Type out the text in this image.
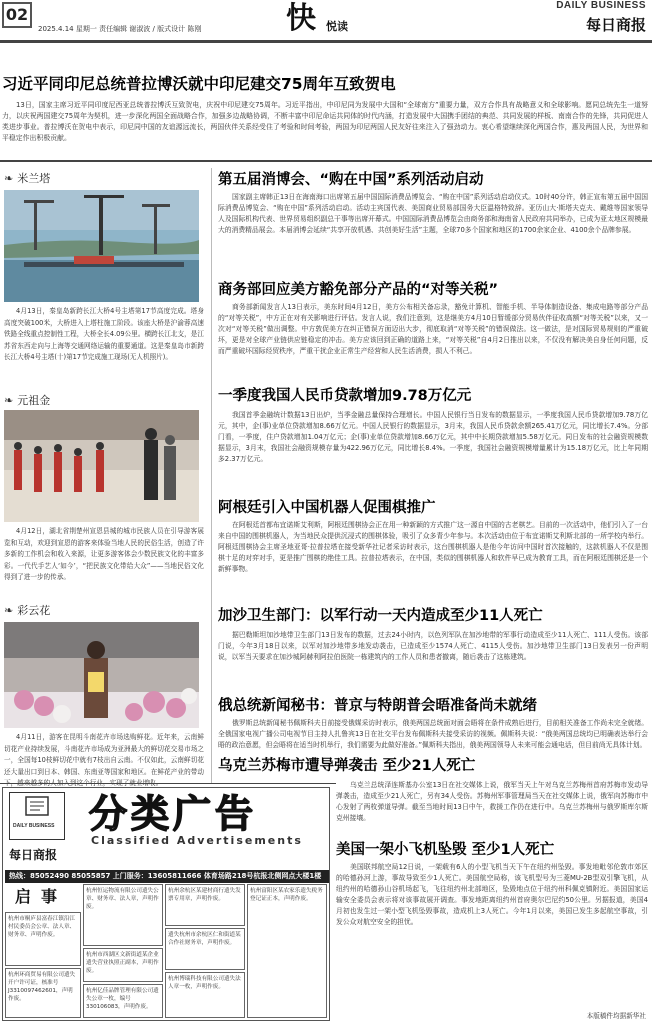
02
2025.4.14 星期一 责任编辑 谢淑波 / 版式设计 陈刚	快 悦读
DAILY BUSINESS
每日商报
习近平同印尼总统普拉博沃就中印尼建交75周年互致贺电
13日，国家主席习近平同印度尼西亚总统普拉博沃互致贺电，庆祝中印尼建交75周年。习近平指出，中印尼同为发展中大国和“全球南方”重要力量，双方合作具有战略意义和全球影响。愿同总统先生一道努力，以庆祝两国建交75周年为契机，进一步深化两国全面战略合作，加强多边战略协调，不断丰富中印尼命运共同体的时代内涵，打造发展中大国携手团结的典范、共同发展的样板、南南合作的先锋，共同促进人类进步事业。普拉博沃在贺电中表示，印尼同中国的友谊源远流长，两国伙伴关系经受住了考验和时间考验，两国为印尼两国人民友好往来注入了强劲动力。衷心希望继续深化两国合作，惠及两国人民，为世界和平稳定作出积极贡献。
❧ 米兰塔
4月13日，秦皇岛新跨长江大桥4号主塔第17节高度完成。塔身高度突破100米，大桥进入上塔柱施工阶段。该座大桥是沪渝蓉高速铁路全线重点控制性工程，大桥全长4.09公里。横跨长江北支，是江苏省东西走向与上海等交通网络运输的重要通道。这是秦皇岛市新跨长江大桥4号主塔(十)第17节完成施工现场(无人机照片)。
❧ 元祖金
4月12日，湖北省荆楚州宣恩县城的城市民族人员在引导游客展览和互动，欢迎到宣恩的游客来体验当地人民的民俗生活，创造了许多新的工作机会和收入来源，让更多游客体会少数民族文化的丰富多彩。一代代手艺人‘如今’，“把民族文化带给大众”——当地民俗文化得到了进一步的传承。
❧ 彩云花
4月11日，游客在昆明斗南花卉市场选购鲜花。近年来，云南鲜切花产业持续发展，斗南花卉市场成为亚洲最大的鲜切花交易市场之一，全国每10枝鲜切花中就有7枝出自云南。不仅如此，云南鲜切花还大量出口到日本、韩国、东南亚等国家和地区。在鲜花产业的带动
第五届消博会、“购在中国”系列活动启动
国家副主席韩正13日在海南海口出席第五届中国国际消费品博览会、“购在中国”系列活动启动仪式。10时40分许，韩正宣布第五届中国国际消费品博览会、“购在中国”系列活动启动。活动主宾国代表、美国商业贸易部国务大臣温格特致辞。亚历山大·斯塔夫克夫、戴维等国家领导人及国际机构代表、世界贸易组织副总干事等出席开幕式。中国国际消费品博览会由商务部和海南省人民政府共同举办，已成为亚太地区规模最大的消费精品展会。本届消博会延续“共享开放机遇、共创美好生活”主题，全球70多个国家和地区的1700余家企业、4100余个品牌参展。
商务部回应美方豁免部分产品的“对等关税”
商务部新闻发言人13日表示，美东时间4月12日，美方公布相关备忘录，豁免计算机、智能手机、半导体制造设备、集成电路等部分产品的“对等关税”，中方正在对有关影响进行评估。发言人说，我们注意到，这是继美方4月10日暂缓部分贸易伙伴征收高额“对等关税”以来，又一次对“对等关税”做出调整。中方敦促美方在纠正错误方面迈出大步，彻底取消“对等关税”的错误做法。这一做法，是对国际贸易规则的严重破坏，更是对全球产业链供应链稳定的冲击。美方应该回到正确的道路上来，“对等关税”自4月2日推出以来，不仅没有解决美自身任何问题，反而严重破坏国际经贸秩序，严重干扰企业正常生产经营和人民生活消费，损人不利己。
一季度我国人民币贷款增加9.78万亿元
我国首季金融统计数据13日出炉，当季金融总量保持合理增长。中国人民银行当日发布的数据显示，一季度我国人民币贷款增加9.78万亿元，其中，企(事)业单位贷款增加8.66万亿元。中国人民银行的数据显示，3月末，我国人民币贷款余额265.41万亿元，同比增长7.4%。分部门看，一季度，住户贷款增加1.04万亿元；企(事)业单位贷款增加8.66万亿元，其中中长期贷款增加5.58万亿元。同日发布的社会融资规模数据显示，3月末，我国社会融资规模存量为422.96万亿元，同比增长8.4%。一季度，我国社会融资规模增量累计为15.18万亿元，比上年同期多2.37万亿元。
阿根廷引入中国机器人促围棋推广
在阿根廷首都布宜诺斯艾利斯，阿根廷围棋协会正在用一种新颖的方式推广这一源自中国的古老棋艺。目前的一次活动中，他们引入了一台来自中国的围棋机器人，为当地民众提供沉浸式的围棋体验，吸引了众多青少年参与。本次活动由位于布宜诺斯艾利斯北部的一所学校内举行。阿根廷围棋协会主席圣地亚哥·拉普拉塔在接受新华社记者采访时表示，这台围棋机器人是他今年访问中国时首次接触的，这款机器人不仅是围棋十足的对弈对手，更是推广围棋的绝佳工具。拉普拉塔表示，在中国，类似的围棋机器人和软件早已成为教育工具，而在阿根廷围棋还是一个新鲜事物。
加沙卫生部门：以军行动一天内造成至少11人死亡
据巴勒斯坦加沙地带卫生部门13日发布的数据，过去24小时内，以色列军队在加沙地带的军事行动造成至少11人死亡、111人受伤。该部门说，今年3月18日以来，以军对加沙地带多地发动袭击，已造成至少1574人死亡、4115人受伤。加沙地带卫生部门13日发表另一份声明说，以军当天要求在加沙城阿赫利阿拉伯医院一栋建筑内的工作人员和患者撤离，随后袭击了这栋建筑。
俄总统新闻秘书：普京与特朗普会晤准备尚未就绪
俄罗斯总统新闻秘书佩斯科夫日前接受俄媒采访时表示，俄美两国总统面对面会晤将在条件成熟后进行，目前相关准备工作尚未完全就绪。全俄国家电视广播公司电视节目主持人扎鲁宾13日在社交平台发布佩斯科夫接受采访的视频。佩斯科夫说：“俄美两国总统均已明确表达举行会晤的政治意愿，但会晤将在适当时机举行，我们需要为此做好准备。”佩斯科夫指出，俄美两国领导人未来可能会通电话，但目前尚无具体计划。
乌克兰苏梅市遭导弹袭击 至少21人死亡
乌克兰总统泽连斯基办公室13日在社交媒体上说，俄军当天上午对乌克兰苏梅州首府苏梅市发动导弹袭击，造成至少21人死亡，另有34人受伤。苏梅州军事管理局当天在社交媒体上说，俄军向苏梅市中心发射了两枚弹道导弹。截至当地时间13日中午，救援工作仍在进行中。乌克兰苏梅州与俄罗斯库尔斯克州接壤。
美国一架小飞机坠毁 至少1人死亡
美国联邦航空局12日说，一架载有6人的小型飞机当天下午在纽约州坠毁。事发地毗邻伦敦市郊区的哈德孙河上游，事故导致至少1人死亡。美国航空局称，该飞机型号为三菱MU-2B型双引擎飞机，从纽约州的哈德孙山谷机场起飞，飞往纽约州北部地区，坠毁地点位于纽约州科佩克镇附近。美国国家运输安全委员会表示将对该事故展开调查。事发地距离纽约州首府奥尔巴尼约50公里。另据报道，美国4月初也发生过一架小型飞机坠毁事故，造成机上3人死亡。今年1月以来，美国已发生多起航空事故，引发公众对航空安全的担忧。
DAILY BUSINESS
每日商报
分类广告
Classified Advertisements
热线：85052490 85055857 上门服务：13605811666 体育场路218号杭报北侧网点大楼1楼
启事
杭州市桐庐县富春江镇沿江村民委员会公章、法人章、财务章、声明作废。
杭州环商贸易有限公司遗失开户许可证，核准号J3310097462601，声明作废。
杭州恒运物流有限公司遗失公章、财务章、法人章，声明作废。
杭州市西湖区文新街道某企业遗失营业执照正副本，声明作废。
杭州亿佳品牌管理有限公司遗失公章一枚，编号330106083，声明作废。
杭州余杭区某建材商行遗失发票专用章，声明作废。
遗失杭州市余杭区仁和街道某合作社财务章，声明作废。
杭州博瑞科技有限公司遗失法人章一枚，声明作废。
杭州富阳区某农家乐遗失税务登记证正本，声明作废。
本版稿件均据新华社
